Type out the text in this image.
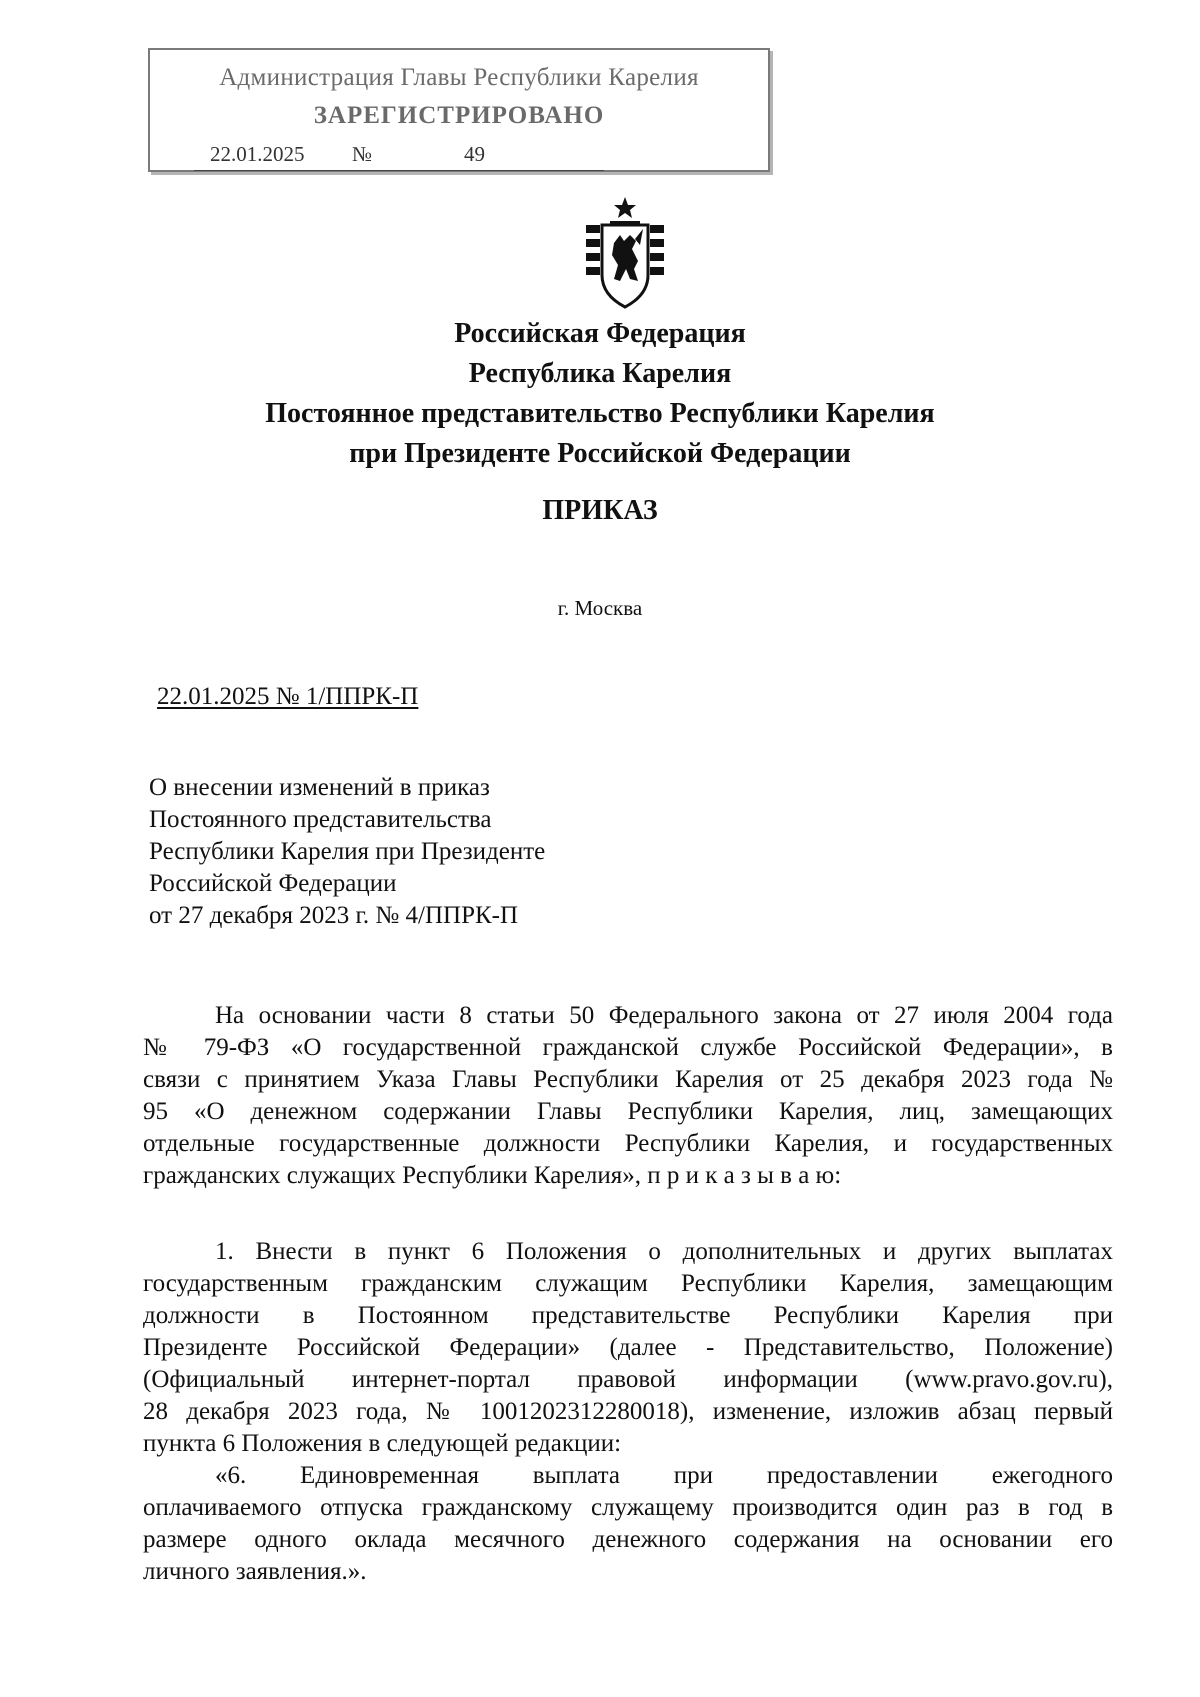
Администрация Главы Республики Карелия
ЗАРЕГИСТРИРОВАНО
22.01.2025 №	49
Российская Федерация
Республика Карелия
Постоянное представительство Республики Карелия
при Президенте Российской Федерации
ПРИКАЗ
г. Москва
22.01.2025 № 1/ППРК-П
О внесении изменений в приказ
Постоянного представительства
Республики Карелия при Президенте
Российской Федерации
от 27 декабря 2023 г. № 4/ППРК-П
На основании части 8 статьи 50 Федерального закона от 27 июля 2004 года
№ 79-ФЗ «О государственной гражданской службе Российской Федерации», в
связи с принятием Указа Главы Республики Карелия от 25 декабря 2023 года №
95 «О денежном содержании Главы Республики Карелия, лиц, замещающих
отдельные государственные должности Республики Карелия, и государственных
гражданских служащих Республики Карелия», п р и к а з ы в а ю:
1. Внести в пункт 6 Положения о дополнительных и других выплатах
государственным гражданским служащим Республики Карелия, замещающим
должности в Постоянном представительстве Республики Карелия при
Президенте Российской Федерации» (далее - Представительство, Положение)
(Официальный интернет-портал правовой информации (www.pravo.gov.ru),
28 декабря 2023 года, № 1001202312280018), изменение, изложив абзац первый
пункта 6 Положения в следующей редакции:
«6. Единовременная выплата при предоставлении ежегодного
оплачиваемого отпуска гражданскому служащему производится один раз в год в
размере одного оклада месячного денежного содержания на основании его
личного заявления.».
